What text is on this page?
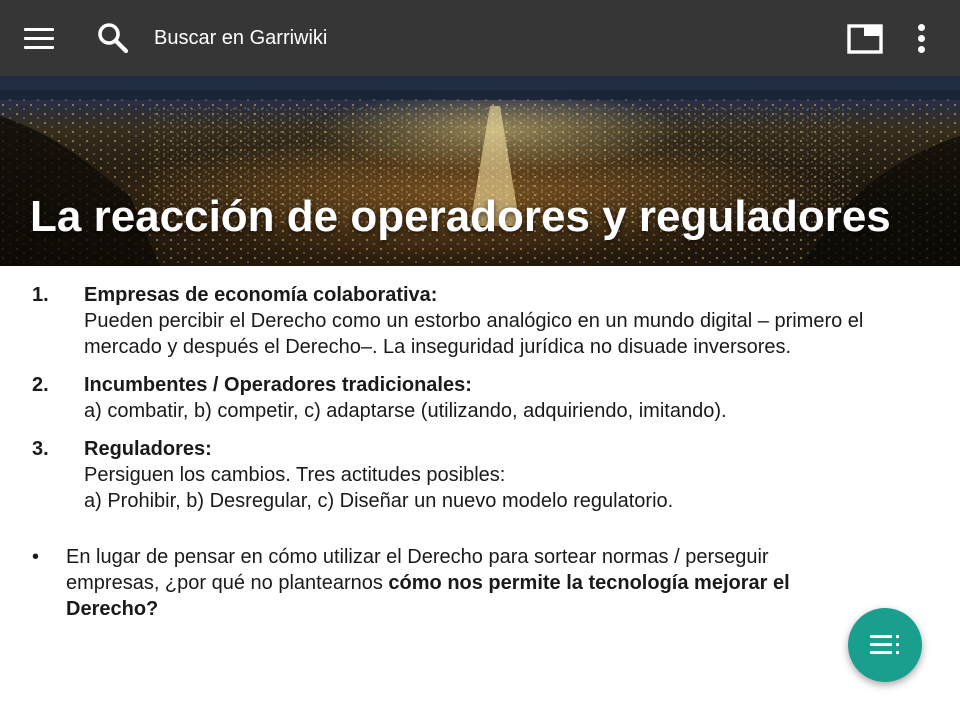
Buscar en Garriwiki
La reacción de operadores y reguladores
1. Empresas de economía colaborativa:
Pueden percibir el Derecho como un estorbo analógico en un mundo digital – primero el mercado y después el Derecho–. La inseguridad jurídica no disuade inversores.
2. Incumbentes / Operadores tradicionales:
a) combatir, b) competir, c) adaptarse (utilizando, adquiriendo, imitando).
3. Reguladores:
Persiguen los cambios. Tres actitudes posibles:
a) Prohibir, b) Desregular, c) Diseñar un nuevo modelo regulatorio.
• En lugar de pensar en cómo utilizar el Derecho para sortear normas / perseguir empresas, ¿por qué no plantearnos cómo nos permite la tecnología mejorar el Derecho?
